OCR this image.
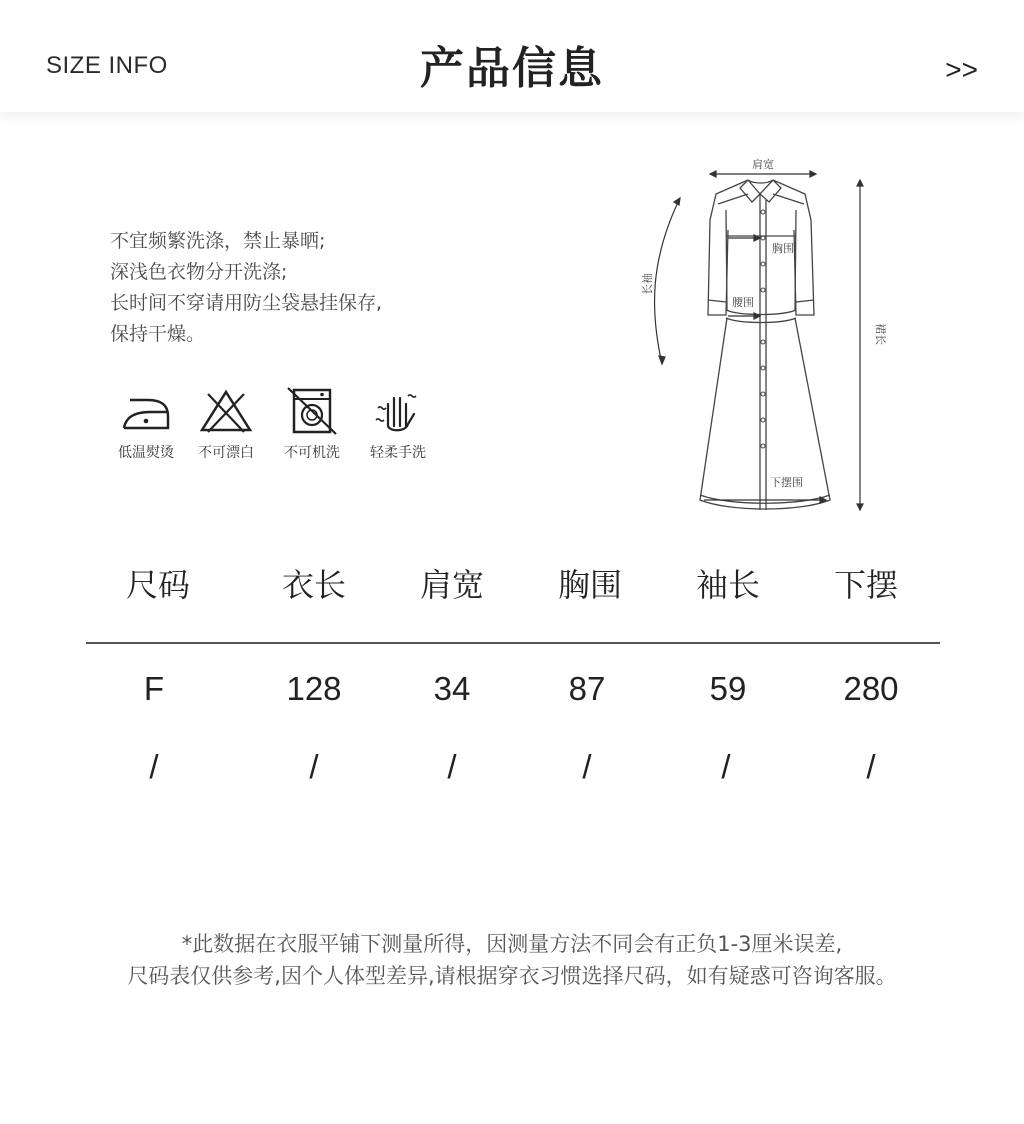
SIZE INFO	产品信息	>>
不宜频繁洗涤，禁止暴晒;
深浅色衣物分开洗涤;
长时间不穿请用防尘袋悬挂保存,
保持干燥。
低温熨烫	不可漂白	不可机洗	轻柔手洗
肩宽
胸围
腰围
长袖
裙长
下摆围
尺码	衣长	肩宽	胸围	袖长	下摆
F	128	34	87	59	280
/	/	/	/	/	/
*此数据在衣服平铺下测量所得，因测量方法不同会有正负1-3厘米误差,
尺码表仅供参考,因个人体型差异,请根据穿衣习惯选择尺码，如有疑惑可咨询客服。
